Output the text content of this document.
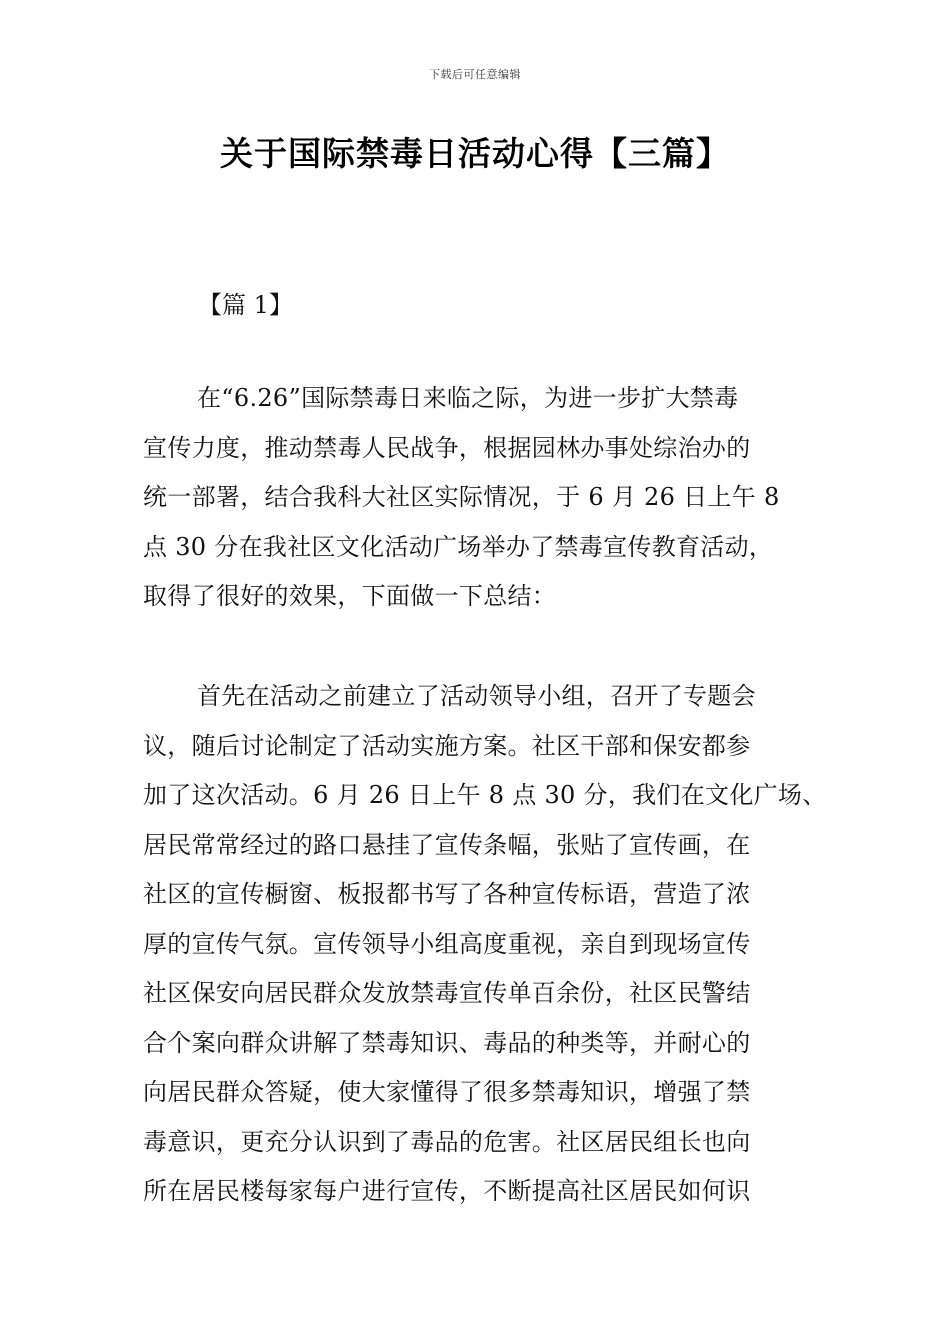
下载后可任意编辑
关于国际禁毒日活动心得【三篇】
【篇 1】
在“6.26”国际禁毒日来临之际，为进一步扩大禁毒
宣传力度，推动禁毒人民战争，根据园林办事处综治办的
统一部署，结合我科大社区实际情况，于 6 月 26 日上午 8
点 30 分在我社区文化活动广场举办了禁毒宣传教育活动，
取得了很好的效果，下面做一下总结：
首先在活动之前建立了活动领导小组，召开了专题会
议，随后讨论制定了活动实施方案。社区干部和保安都参
加了这次活动。6 月 26 日上午 8 点 30 分，我们在文化广场、
居民常常经过的路口悬挂了宣传条幅，张贴了宣传画，在
社区的宣传橱窗、板报都书写了各种宣传标语，营造了浓
厚的宣传气氛。宣传领导小组高度重视，亲自到现场宣传
社区保安向居民群众发放禁毒宣传单百余份，社区民警结
合个案向群众讲解了禁毒知识、毒品的种类等，并耐心的
向居民群众答疑，使大家懂得了很多禁毒知识，增强了禁
毒意识，更充分认识到了毒品的危害。社区居民组长也向
所在居民楼每家每户进行宣传，不断提高社区居民如何识
